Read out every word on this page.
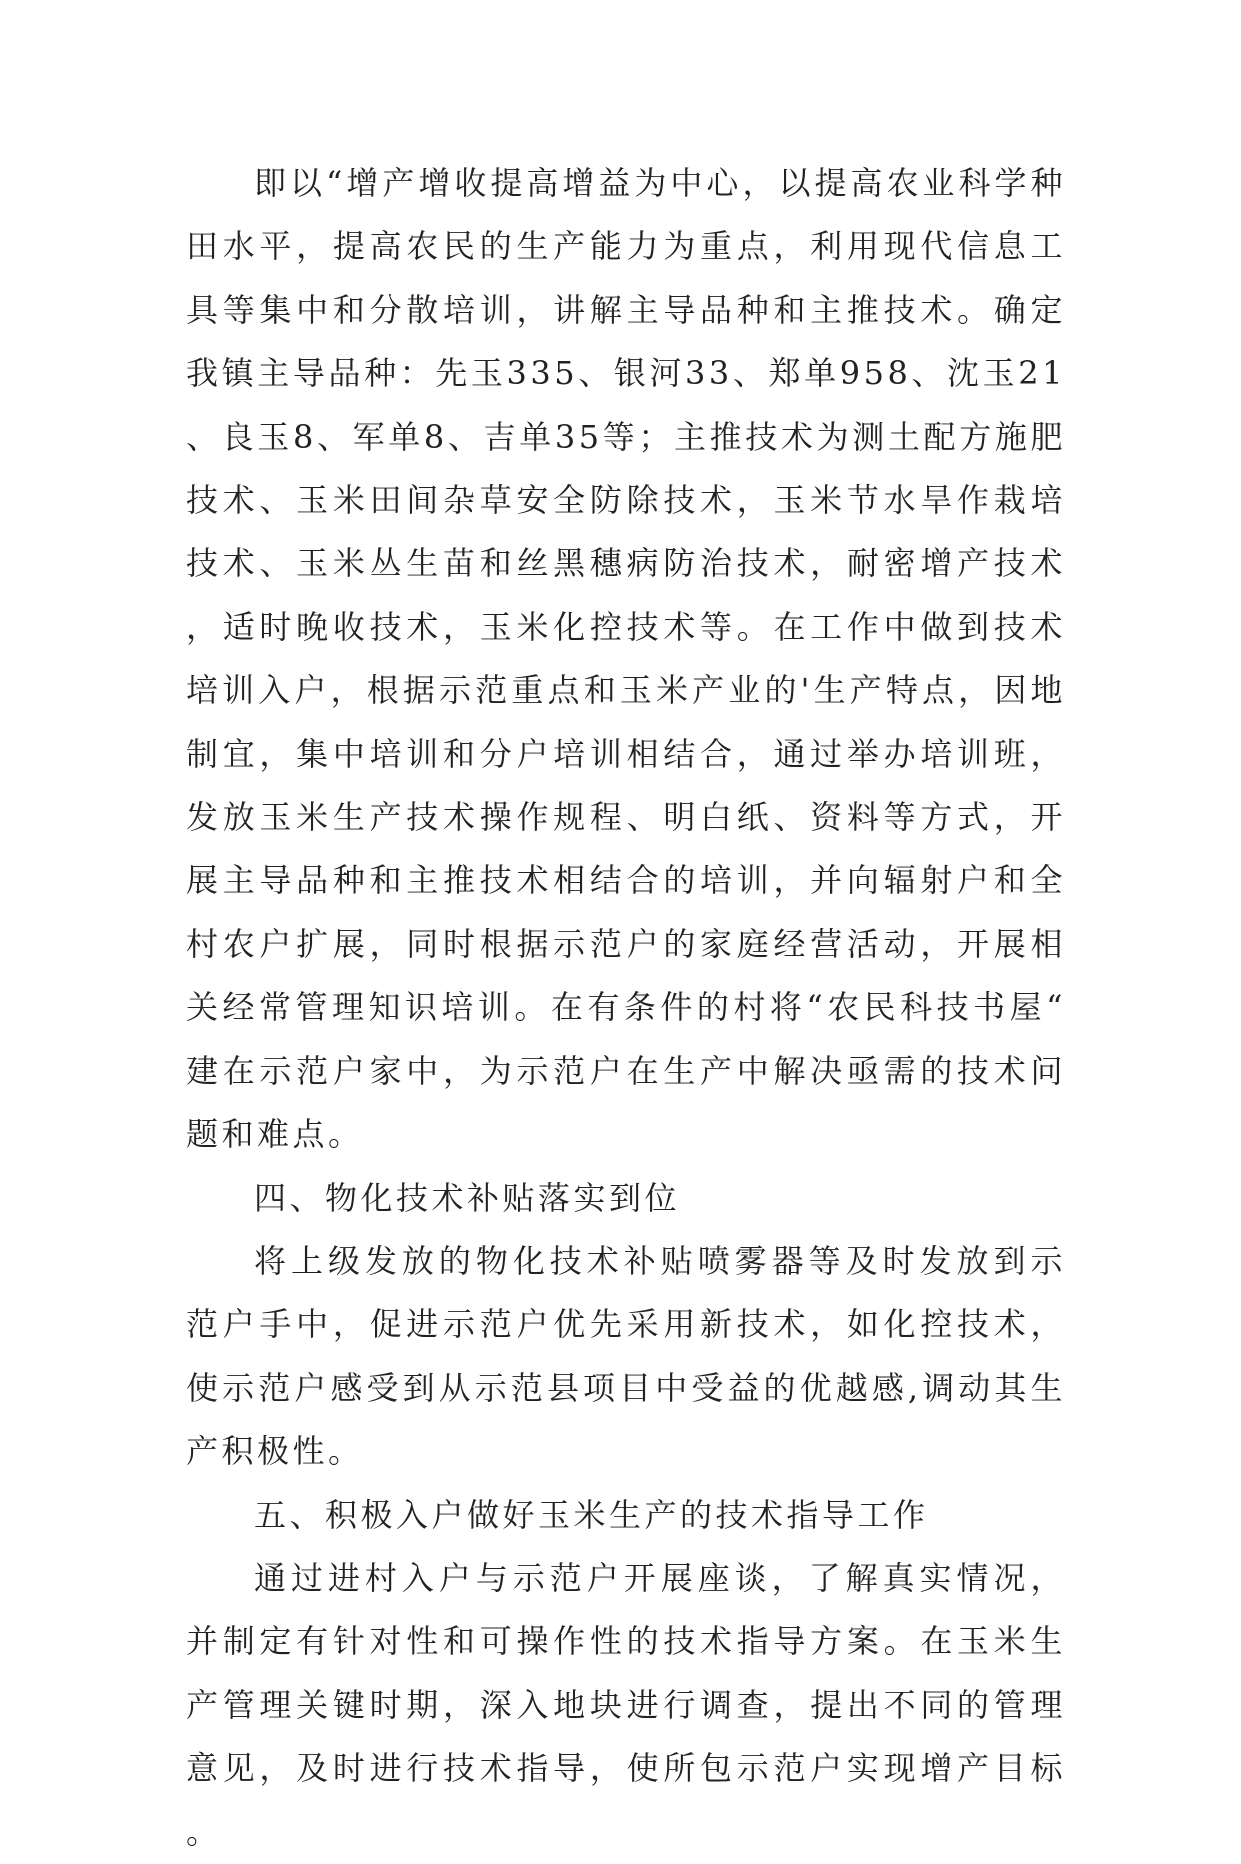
即以“增产增收提高增益为中心，以提高农业科学种田水平，提高农民的生产能力为重点，利用现代信息工具等集中和分散培训，讲解主导品种和主推技术。确定我镇主导品种：先玉335、银河33、郑单958、沈玉21、良玉8、军单8、吉单35等；主推技术为测土配方施肥技术、玉米田间杂草安全防除技术，玉米节水旱作栽培技术、玉米丛生苗和丝黑穗病防治技术，耐密增产技术，适时晚收技术，玉米化控技术等。在工作中做到技术培训入户，根据示范重点和玉米产业的'生产特点，因地制宜，集中培训和分户培训相结合，通过举办培训班，发放玉米生产技术操作规程、明白纸、资料等方式，开展主导品种和主推技术相结合的培训，并向辐射户和全村农户扩展，同时根据示范户的家庭经营活动，开展相关经常管理知识培训。在有条件的村将“农民科技书屋“建在示范户家中，为示范户在生产中解决亟需的技术问题和难点。

四、物化技术补贴落实到位

将上级发放的物化技术补贴喷雾器等及时发放到示范户手中，促进示范户优先采用新技术，如化控技术，使示范户感受到从示范县项目中受益的优越感,调动其生产积极性。

五、积极入户做好玉米生产的技术指导工作

通过进村入户与示范户开展座谈，了解真实情况，并制定有针对性和可操作性的技术指导方案。在玉米生产管理关键时期，深入地块进行调查，提出不同的管理意见，及时进行技术指导，使所包示范户实现增产目标。
